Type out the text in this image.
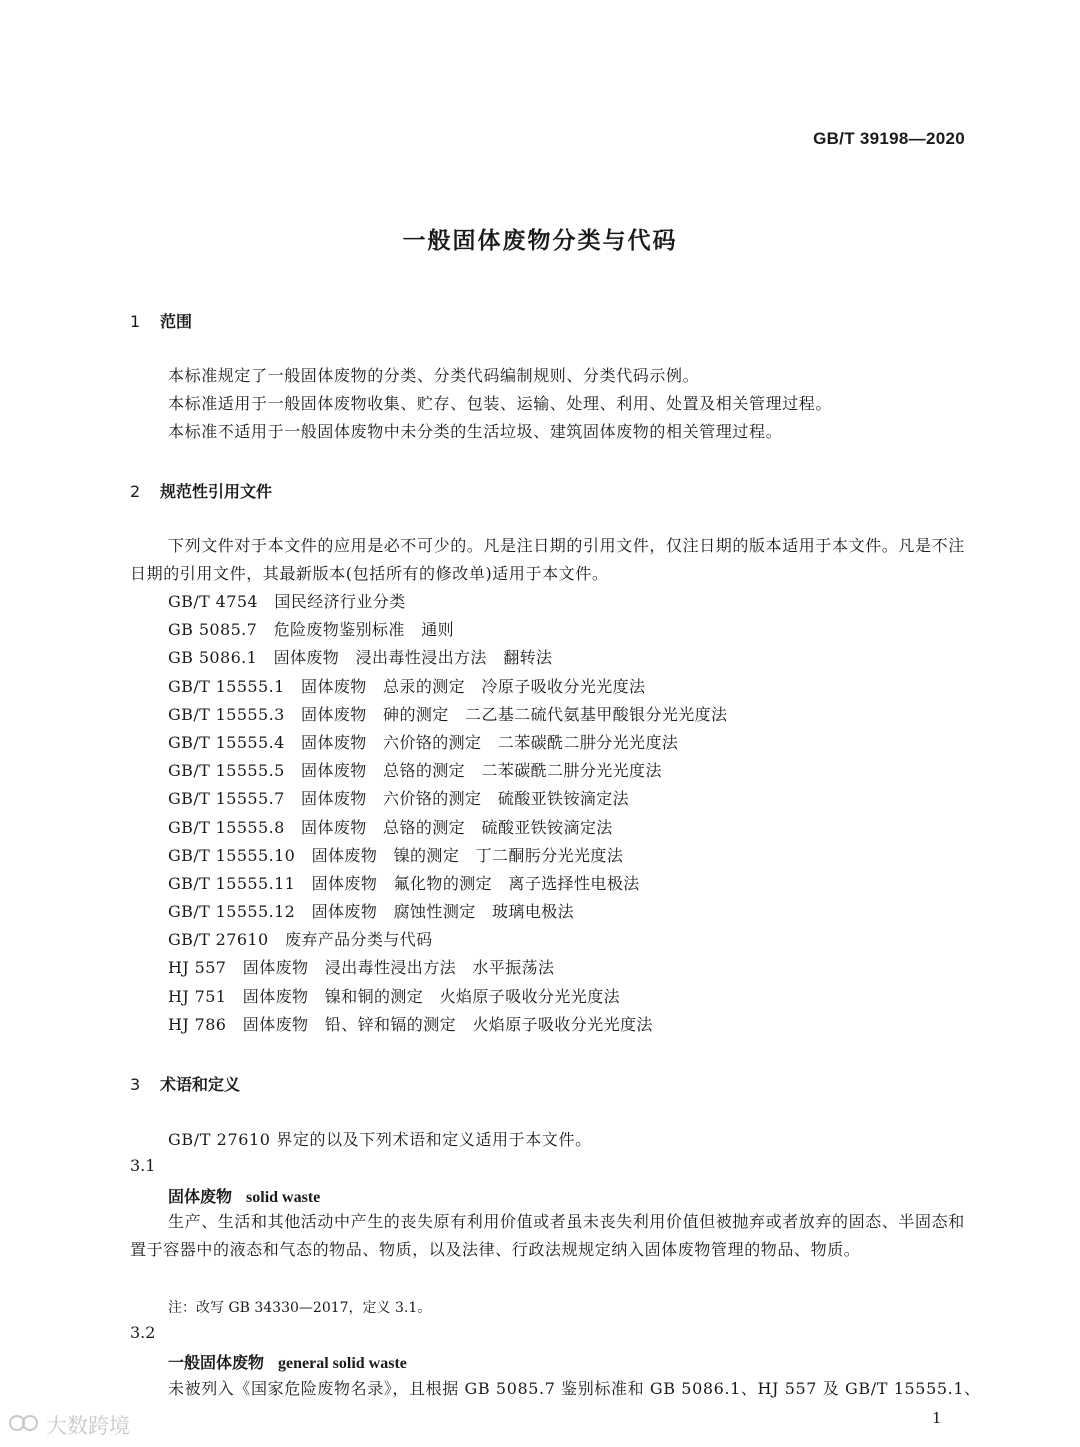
GB/T 39198—2020
一般固体废物分类与代码
1 范围
本标准规定了一般固体废物的分类、分类代码编制规则、分类代码示例。
本标准适用于一般固体废物收集、贮存、包装、运输、处理、利用、处置及相关管理过程。
本标准不适用于一般固体废物中未分类的生活垃圾、建筑固体废物的相关管理过程。
2 规范性引用文件
下列文件对于本文件的应用是必不可少的。凡是注日期的引用文件，仅注日期的版本适用于本文件。凡是不注日期的引用文件，其最新版本(包括所有的修改单)适用于本文件。
GB/T 4754　国民经济行业分类
GB 5085.7　危险废物鉴别标准　通则
GB 5086.1　固体废物　浸出毒性浸出方法　翻转法
GB/T 15555.1　固体废物　总汞的测定　冷原子吸收分光光度法
GB/T 15555.3　固体废物　砷的测定　二乙基二硫代氨基甲酸银分光光度法
GB/T 15555.4　固体废物　六价铬的测定　二苯碳酰二肼分光光度法
GB/T 15555.5　固体废物　总铬的测定　二苯碳酰二肼分光光度法
GB/T 15555.7　固体废物　六价铬的测定　硫酸亚铁铵滴定法
GB/T 15555.8　固体废物　总铬的测定　硫酸亚铁铵滴定法
GB/T 15555.10　固体废物　镍的测定　丁二酮肟分光光度法
GB/T 15555.11　固体废物　氟化物的测定　离子选择性电极法
GB/T 15555.12　固体废物　腐蚀性测定　玻璃电极法
GB/T 27610　废弃产品分类与代码
HJ 557　固体废物　浸出毒性浸出方法　水平振荡法
HJ 751　固体废物　镍和铜的测定　火焰原子吸收分光光度法
HJ 786　固体废物　铅、锌和镉的测定　火焰原子吸收分光光度法
3 术语和定义
GB/T 27610 界定的以及下列术语和定义适用于本文件。
3.1
固体废物 solid waste
生产、生活和其他活动中产生的丧失原有利用价值或者虽未丧失利用价值但被抛弃或者放弃的固态、半固态和置于容器中的液态和气态的物品、物质，以及法律、行政法规规定纳入固体废物管理的物品、物质。
注：改写 GB 34330—2017，定义 3.1。
3.2
一般固体废物 general solid waste
未被列入《国家危险废物名录》，且根据 GB 5085.7 鉴别标准和 GB 5086.1、HJ 557 及 GB/T 15555.1、
1
大数跨境
